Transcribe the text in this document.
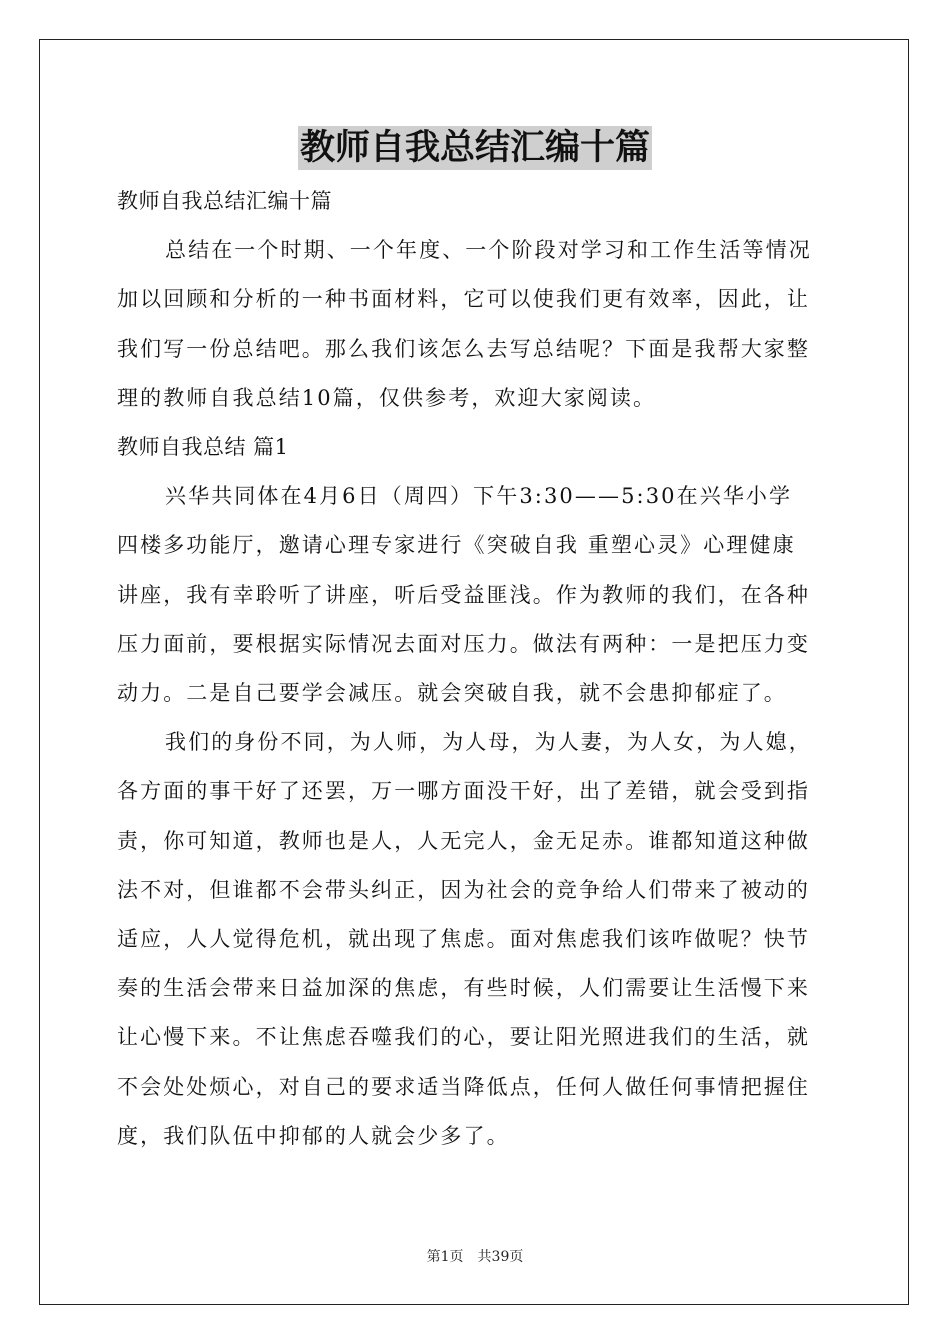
教师自我总结汇编十篇
教师自我总结汇编十篇
总结在一个时期、一个年度、一个阶段对学习和工作生活等情况
加以回顾和分析的一种书面材料，它可以使我们更有效率，因此，让
我们写一份总结吧。那么我们该怎么去写总结呢？下面是我帮大家整
理的教师自我总结10篇，仅供参考，欢迎大家阅读。
教师自我总结 篇1
兴华共同体在4月6日（周四）下午3:30——5:30在兴华小学
四楼多功能厅，邀请心理专家进行《突破自我 重塑心灵》心理健康
讲座，我有幸聆听了讲座，听后受益匪浅。作为教师的我们，在各种
压力面前，要根据实际情况去面对压力。做法有两种：一是把压力变
动力。二是自己要学会减压。就会突破自我，就不会患抑郁症了。
我们的身份不同，为人师，为人母，为人妻，为人女，为人媳，
各方面的事干好了还罢，万一哪方面没干好，出了差错，就会受到指
责，你可知道，教师也是人，人无完人，金无足赤。谁都知道这种做
法不对，但谁都不会带头纠正，因为社会的竞争给人们带来了被动的
适应，人人觉得危机，就出现了焦虑。面对焦虑我们该咋做呢？快节
奏的生活会带来日益加深的焦虑，有些时候，人们需要让生活慢下来
让心慢下来。不让焦虑吞噬我们的心，要让阳光照进我们的生活，就
不会处处烦心，对自己的要求适当降低点，任何人做任何事情把握住
度，我们队伍中抑郁的人就会少多了。
第1页　共39页
